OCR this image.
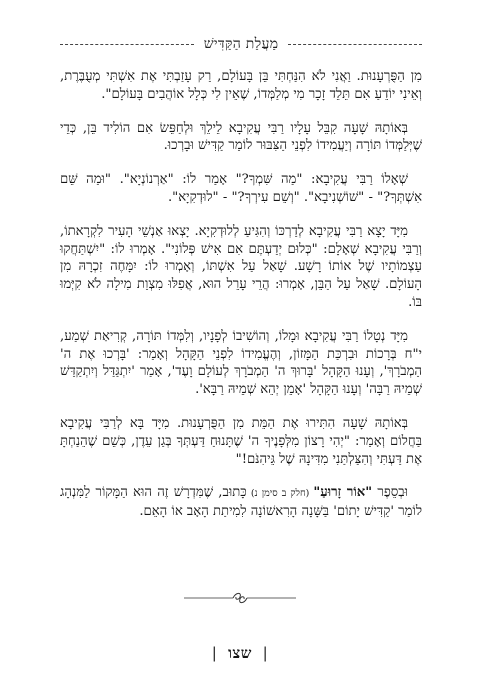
מַעֲלַת הַקַּדִּישׁ

מִן הַפֻּרְעָנוּת. וַאֲנִי לֹא הִנַּחְתִּי בֵּן בָּעוֹלָם, רַק עָזַבְתִּי אֶת אִשְׁתִּי מְעֻבֶּרֶת, וְאֵינִי יוֹדֵעַ אִם תֵּלֵד זָכָר מִי מְלַמְּדוֹ, שֶׁאֵין לִי כְּלָל אוֹהֲבִים בָּעוֹלָם".

בְּאוֹתָהּ שָׁעָה קִבֵּל עָלָיו רַבִּי עֲקִיבָא לֵילֵךְ וּלְחַפֵּשׂ אִם הוֹלִיד בֵּן, כְּדֵי שֶׁיְּלַמְּדוֹ תּוֹרָה וְיַעֲמִידוֹ לִפְנֵי הַצִּבּוּר לוֹמַר קַדִּישׁ וּבָרְכוּ.

שְׁאָלוֹ רַבִּי עֲקִיבָא: "מַה שִּׁמְךָ?" אָמַר לוֹ: "אַרְנוֹנְיָא". "וּמַה שֵּׁם אִשְׁתְּךָ?" - "שׁוֹשְׁנִיבָא". "וְשֵׁם עִירְךָ?" - "לוּדְקִיָא".

מִיָּד יָצָא רַבִּי עֲקִיבָא לְדַרְכּוֹ וְהִגִּיעַ לְלוּדְקִיָא. יָצְאוּ אַנְשֵׁי הָעִיר לִקְרָאתוֹ, וְרַבִּי עֲקִיבָא שְׁאָלָם: "כְּלוּם יְדַעְתֶּם אִם אִישׁ פְּלוֹנִי". אָמְרוּ לוֹ: "יִשְׁתַּחֲקוּ עַצְמוֹתָיו שֶׁל אוֹתוֹ רָשָׁע. שָׁאַל עַל אִשְׁתּוֹ, וְאָמְרוּ לוֹ: יִמָּחֶה זִכְרָהּ מִן הָעוֹלָם. שָׁאַל עַל הַבֵּן, אָמְרוּ: הֲרֵי עָרֵל הוּא, אֲפִלּוּ מִצְוַת מִילָה לֹא קִיְּמוּ בּוֹ.

מִיָּד נְטָלוֹ רַבִּי עֲקִיבָא וּמָלוֹ, וְהוֹשִׁיבוֹ לְפָנָיו, וְלִמְּדוֹ תּוֹרָה, קְרִיאַת שְׁמַע, י"ח בְּרָכוֹת וּבִרְכַּת הַמָּזוֹן, וְהֶעֱמִידוֹ לִפְנֵי הַקָּהָל וְאָמַר: 'בָּרְכוּ אֶת ה' הַמְבֹרָךְ', וְעָנוּ הַקָּהָל 'בָּרוּךְ ה' הַמְבֹרָךְ לְעוֹלָם וָעֶד', אָמַר 'יִתְגַּדַּל וְיִתְקַדַּשׁ שְׁמֵיהּ רַבָּה' וְעָנוּ הַקָּהָל 'אָמֵן יְהֵא שְׁמֵיהּ רַבָּא'.

בְּאוֹתָהּ שָׁעָה הִתִּירוּ אֶת הַמֵּת מִן הַפֻּרְעָנוּת. מִיָּד בָּא לְרַבִּי עֲקִיבָא בַּחֲלוֹם וְאָמַר: "יְהִי רָצוֹן מִלְּפָנֶיךָ ה' שֶׁתָּנוּחַ דַּעְתְּךָ בְּגַן עֵדֶן, כְּשֵׁם שֶׁהֵנַחְתָּ אֶת דַּעְתִּי וְהִצַּלְתַּנִי מִדִּינָהּ שֶׁל גֵּיהִנֹּם!"

וּבְסֵפֶר "אוֹר זָרוּעַ" (חלק ב סימן נ) כָּתוּב, שֶׁמִּדְרָשׁ זֶה הוּא הַמָּקוֹר לַמִּנְהָג לוֹמַר 'קַדִּישׁ יָתוֹם' בַּשָּׁנָה הָרִאשׁוֹנָה לִמִיתַת הָאָב אוֹ הָאֵם.

| שצו |
